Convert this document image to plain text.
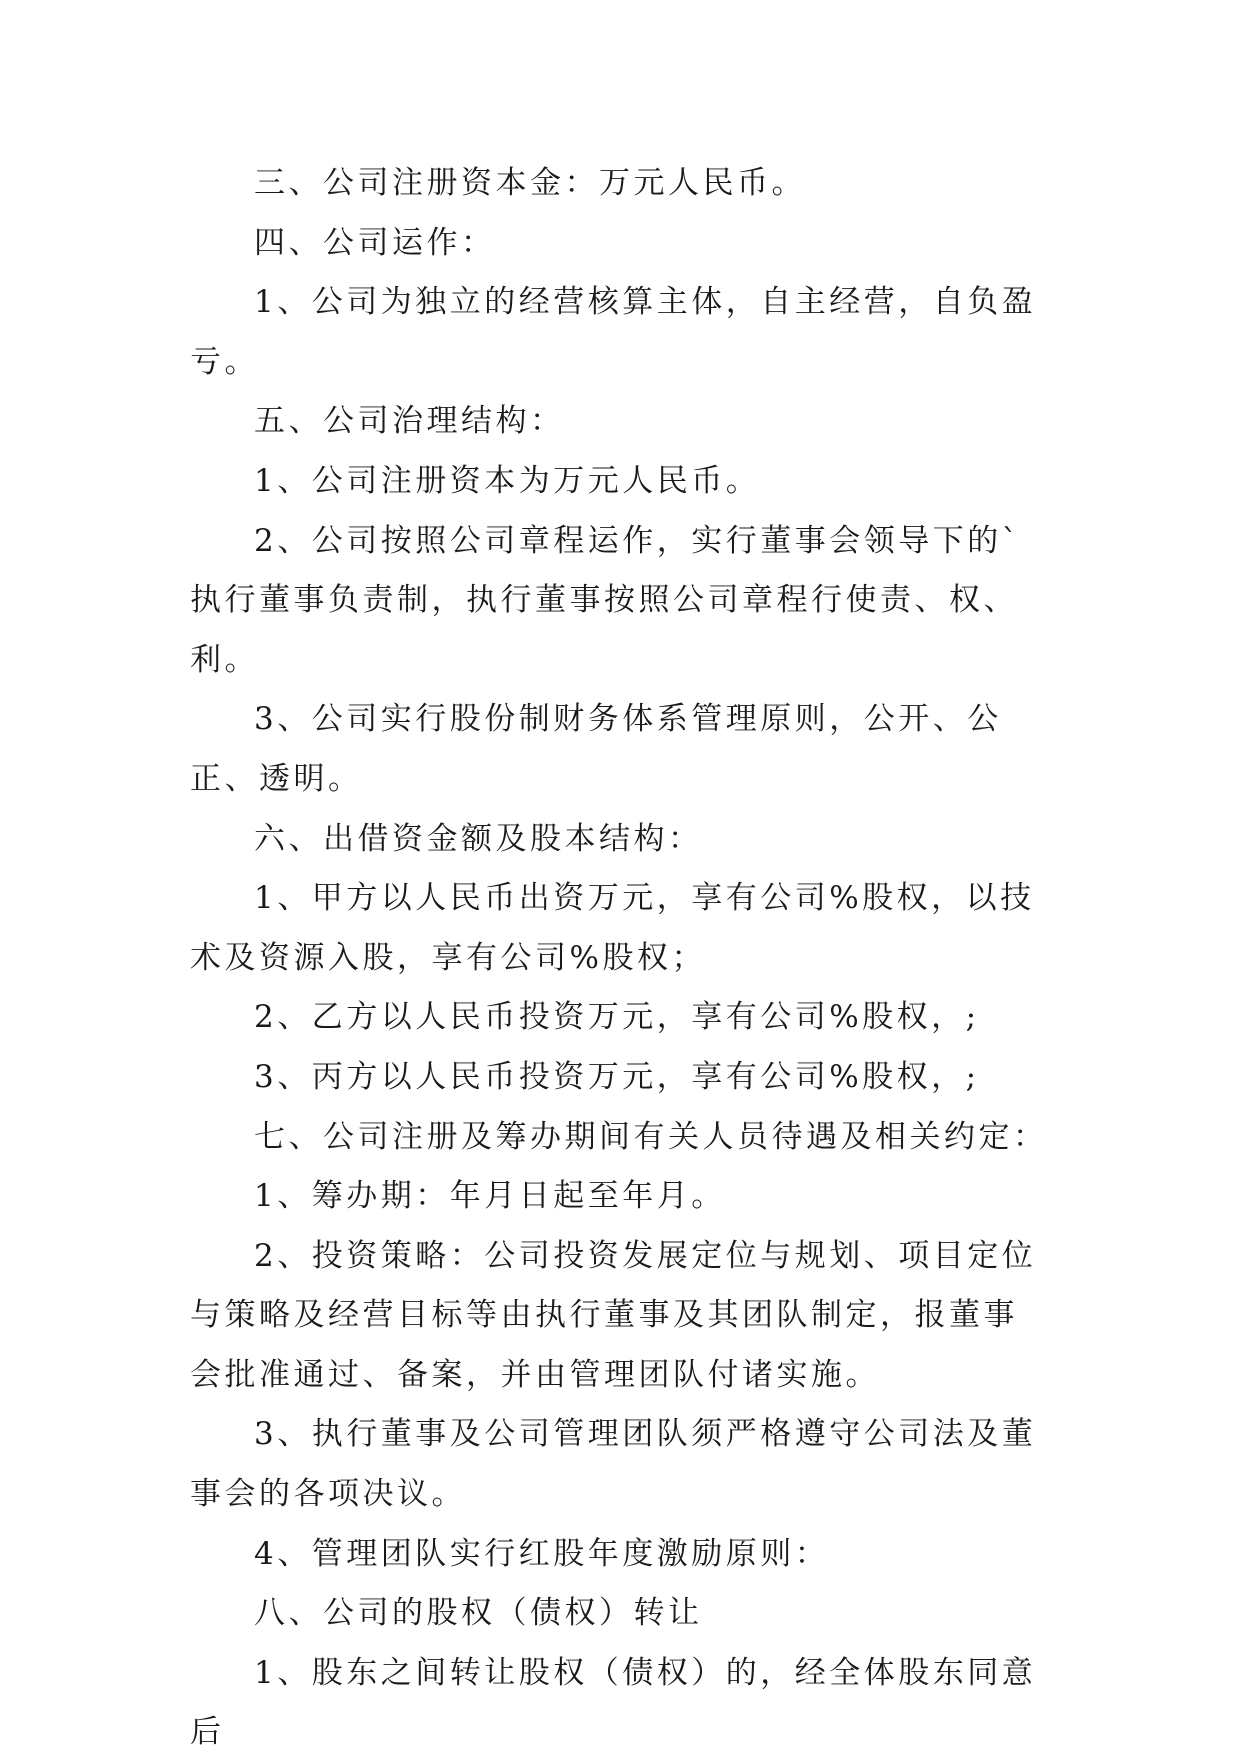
三、公司注册资本金：万元人民币。

四、公司运作：

1、公司为独立的经营核算主体，自主经营，自负盈亏。

五、公司治理结构：

1、公司注册资本为万元人民币。

2、公司按照公司章程运作，实行董事会领导下的`执行董事负责制，执行董事按照公司章程行使责、权、利。

3、公司实行股份制财务体系管理原则，公开、公正、透明。

六、出借资金额及股本结构：

1、甲方以人民币出资万元，享有公司%股权，以技术及资源入股，享有公司%股权；

2、乙方以人民币投资万元，享有公司%股权，;

3、丙方以人民币投资万元，享有公司%股权，;

七、公司注册及筹办期间有关人员待遇及相关约定：

1、筹办期：年月日起至年月。

2、投资策略：公司投资发展定位与规划、项目定位与策略及经营目标等由执行董事及其团队制定，报董事会批准通过、备案，并由管理团队付诸实施。

3、执行董事及公司管理团队须严格遵守公司法及董事会的各项决议。

4、管理团队实行红股年度激励原则：

八、公司的股权（债权）转让

1、股东之间转让股权（债权）的，经全体股东同意后
